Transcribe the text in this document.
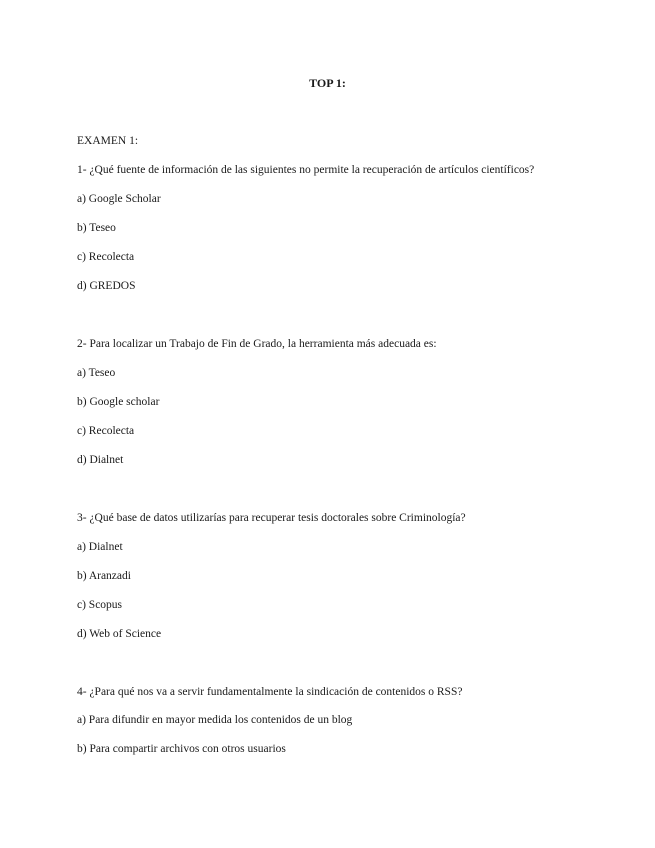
TOP 1:
EXAMEN 1:
1- ¿Qué fuente de información de las siguientes no permite la recuperación de artículos científicos?
a) Google Scholar
b) Teseo
c) Recolecta
d) GREDOS
2- Para localizar un Trabajo de Fin de Grado, la herramienta más adecuada es:
a) Teseo
b) Google scholar
c) Recolecta
d) Dialnet
3- ¿Qué base de datos utilizarías para recuperar tesis doctorales sobre Criminología?
a) Dialnet
b) Aranzadi
c) Scopus
d) Web of Science
4- ¿Para qué nos va a servir fundamentalmente la sindicación de contenidos o RSS?
a) Para difundir en mayor medida los contenidos de un blog
b) Para compartir archivos con otros usuarios
